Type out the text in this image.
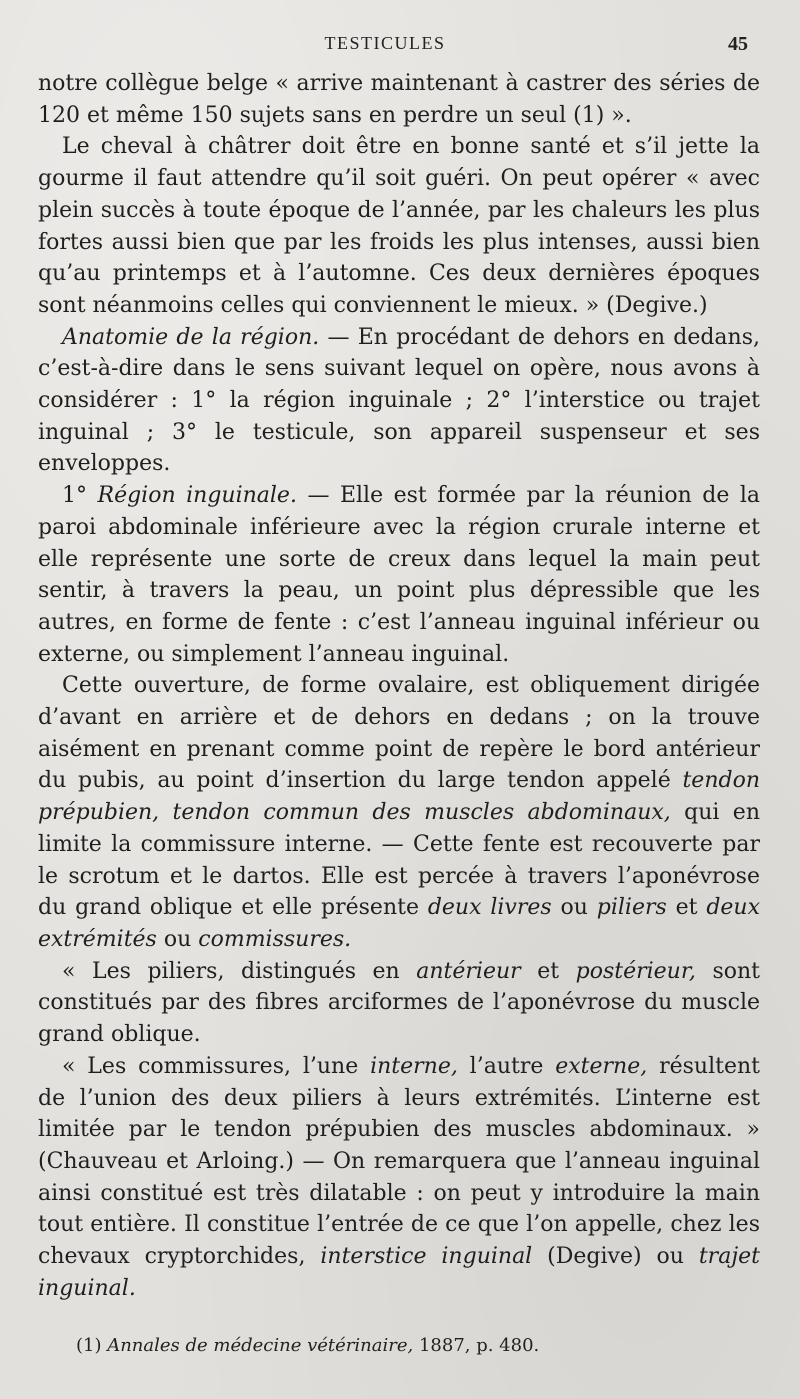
TESTICULES	45

notre collègue belge « arrive maintenant à castrer des séries de 120 et même 150 sujets sans en perdre un seul (1) ».

Le cheval à châtrer doit être en bonne santé et s’il jette la gourme il faut attendre qu’il soit guéri. On peut opérer « avec plein succès à toute époque de l’année, par les chaleurs les plus fortes aussi bien que par les froids les plus intenses, aussi bien qu’au printemps et à l’automne. Ces deux dernières époques sont néanmoins celles qui conviennent le mieux. » (Degive.)

Anatomie de la région. — En procédant de dehors en dedans, c’est-à-dire dans le sens suivant lequel on opère, nous avons à considérer : 1° la région inguinale ; 2° l’interstice ou trajet inguinal ; 3° le testicule, son appareil suspenseur et ses enveloppes.

1° Région inguinale. — Elle est formée par la réunion de la paroi abdominale inférieure avec la région crurale interne et elle représente une sorte de creux dans lequel la main peut sentir, à travers la peau, un point plus dépressible que les autres, en forme de fente : c’est l’anneau inguinal inférieur ou externe, ou simplement l’anneau inguinal.

Cette ouverture, de forme ovalaire, est obliquement dirigée d’avant en arrière et de dehors en dedans ; on la trouve aisément en prenant comme point de repère le bord antérieur du pubis, au point d’insertion du large tendon appelé tendon prépubien, tendon commun des muscles abdominaux, qui en limite la commissure interne. — Cette fente est recouverte par le scrotum et le dartos. Elle est percée à travers l’aponévrose du grand oblique et elle présente deux livres ou piliers et deux extrémités ou commissures.

« Les piliers, distingués en antérieur et postérieur, sont constitués par des fibres arciformes de l’aponévrose du muscle grand oblique.

« Les commissures, l’une interne, l’autre externe, résultent de l’union des deux piliers à leurs extrémités. L’interne est limitée par le tendon prépubien des muscles abdominaux. » (Chauveau et Arloing.) — On remarquera que l’anneau inguinal ainsi constitué est très dilatable : on peut y introduire la main tout entière. Il constitue l’entrée de ce que l’on appelle, chez les chevaux cryptorchides, interstice inguinal (Degive) ou trajet inguinal.

(1) Annales de médecine vétérinaire, 1887, p. 480.
